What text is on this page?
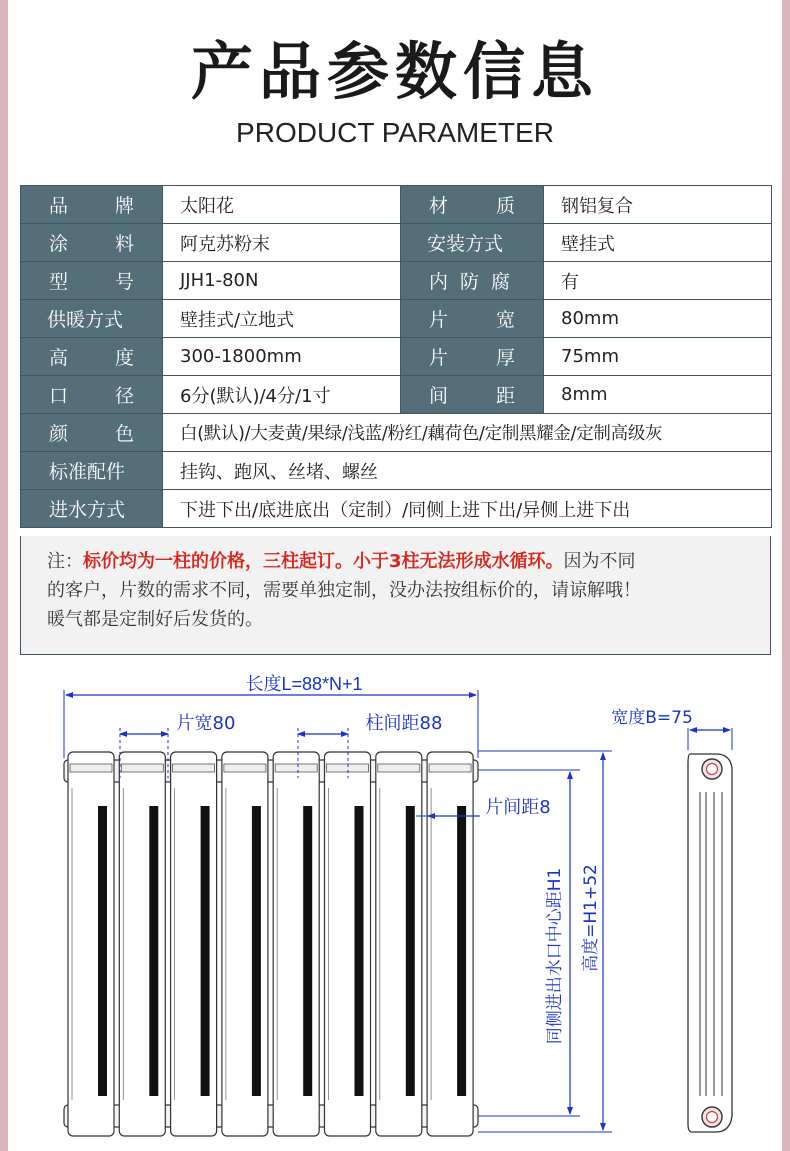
产品参数信息
PRODUCT PARAMETER
品 牌	太阳花	材 质	钢铝复合

涂 料	阿克苏粉末	安装方式	壁挂式

型 号	JJH1-80N	内 防 腐	有

供暖方式	壁挂式/立地式	片 宽	80mm

高 度	300-1800mm	片 厚	75mm

口 径	6分(默认)/4分/1寸	间 距	8mm

颜 色	白(默认)/大麦黄/果绿/浅蓝/粉红/藕荷色/定制黑耀金/定制高级灰		

标准配件	挂钩、跑风、丝堵、螺丝		

进水方式	下进下出/底进底出（定制）/同侧上进下出/异侧上进下出		
注：标价均为一柱的价格，三柱起订。小于3柱无法形成水循环。因为不同
的客户，片数的需求不同，需要单独定制，没办法按组标价的，请谅解哦！
暖气都是定制好后发货的。
长度L=88*N+1
片宽80	柱间距88
片间距8
同侧进出水口中心距H1 高度=H1+52
宽度B=75
